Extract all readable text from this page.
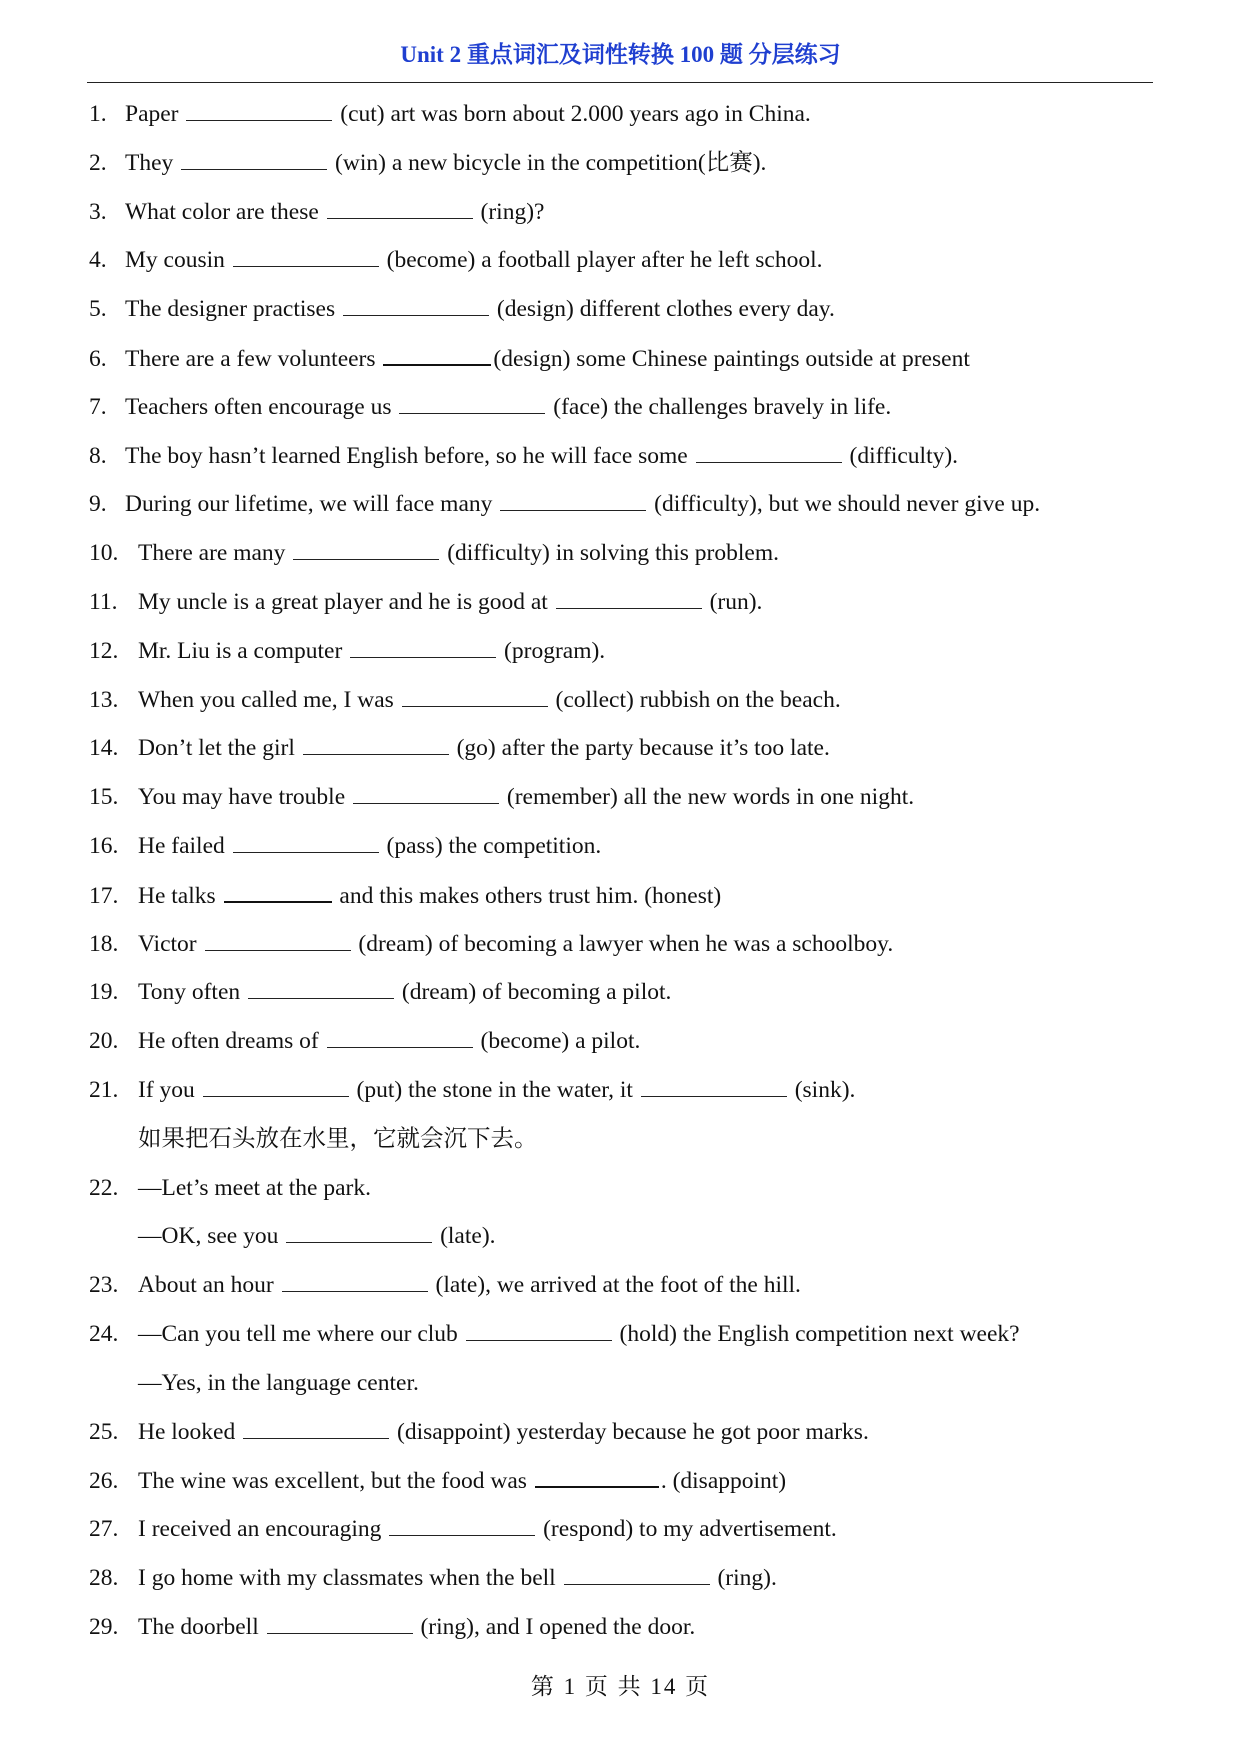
Unit 2 重点词汇及词性转换 100 题 分层练习
1. Paper	(cut) art was born about 2.000 years ago in China.
2. They	(win) a new bicycle in the competition(比赛).
3. What color are these	(ring)?
4. My cousin	(become) a football player after he left school.
5. The designer practises	(design) different clothes every day.
6. There are a few volunteers	(design) some Chinese paintings outside at present
7. Teachers often encourage us	(face) the challenges bravely in life.
8. The boy hasn’t learned English before, so he will face some	(difficulty).
9. During our lifetime, we will face many	(difficulty), but we should never give up.
10. There are many	(difficulty) in solving this problem.
11. My uncle is a great player and he is good at	(run).
12. Mr. Liu is a computer	(program).
13. When you called me, I was	(collect) rubbish on the beach.
14. Don’t let the girl	(go) after the party because it’s too late.
15. You may have trouble	(remember) all the new words in one night.
16. He failed	(pass) the competition.
17. He talks	and this makes others trust him. (honest)
18. Victor	(dream) of becoming a lawyer when he was a schoolboy.
19. Tony often	(dream) of becoming a pilot.
20. He often dreams of	(become) a pilot.
21. If you	(put) the stone in the water, it	(sink).
如果把石头放在水里，它就会沉下去。
22. —Let’s meet at the park.
—OK, see you	(late).
23. About an hour	(late), we arrived at the foot of the hill.
24. —Can you tell me where our club	(hold) the English competition next week?
—Yes, in the language center.
25. He looked	(disappoint) yesterday because he got poor marks.
26. The wine was excellent, but the food was	. (disappoint)
27. I received an encouraging	(respond) to my advertisement.
28. I go home with my classmates when the bell	(ring).
29. The doorbell	(ring), and I opened the door.
第 1 页 共 14 页
